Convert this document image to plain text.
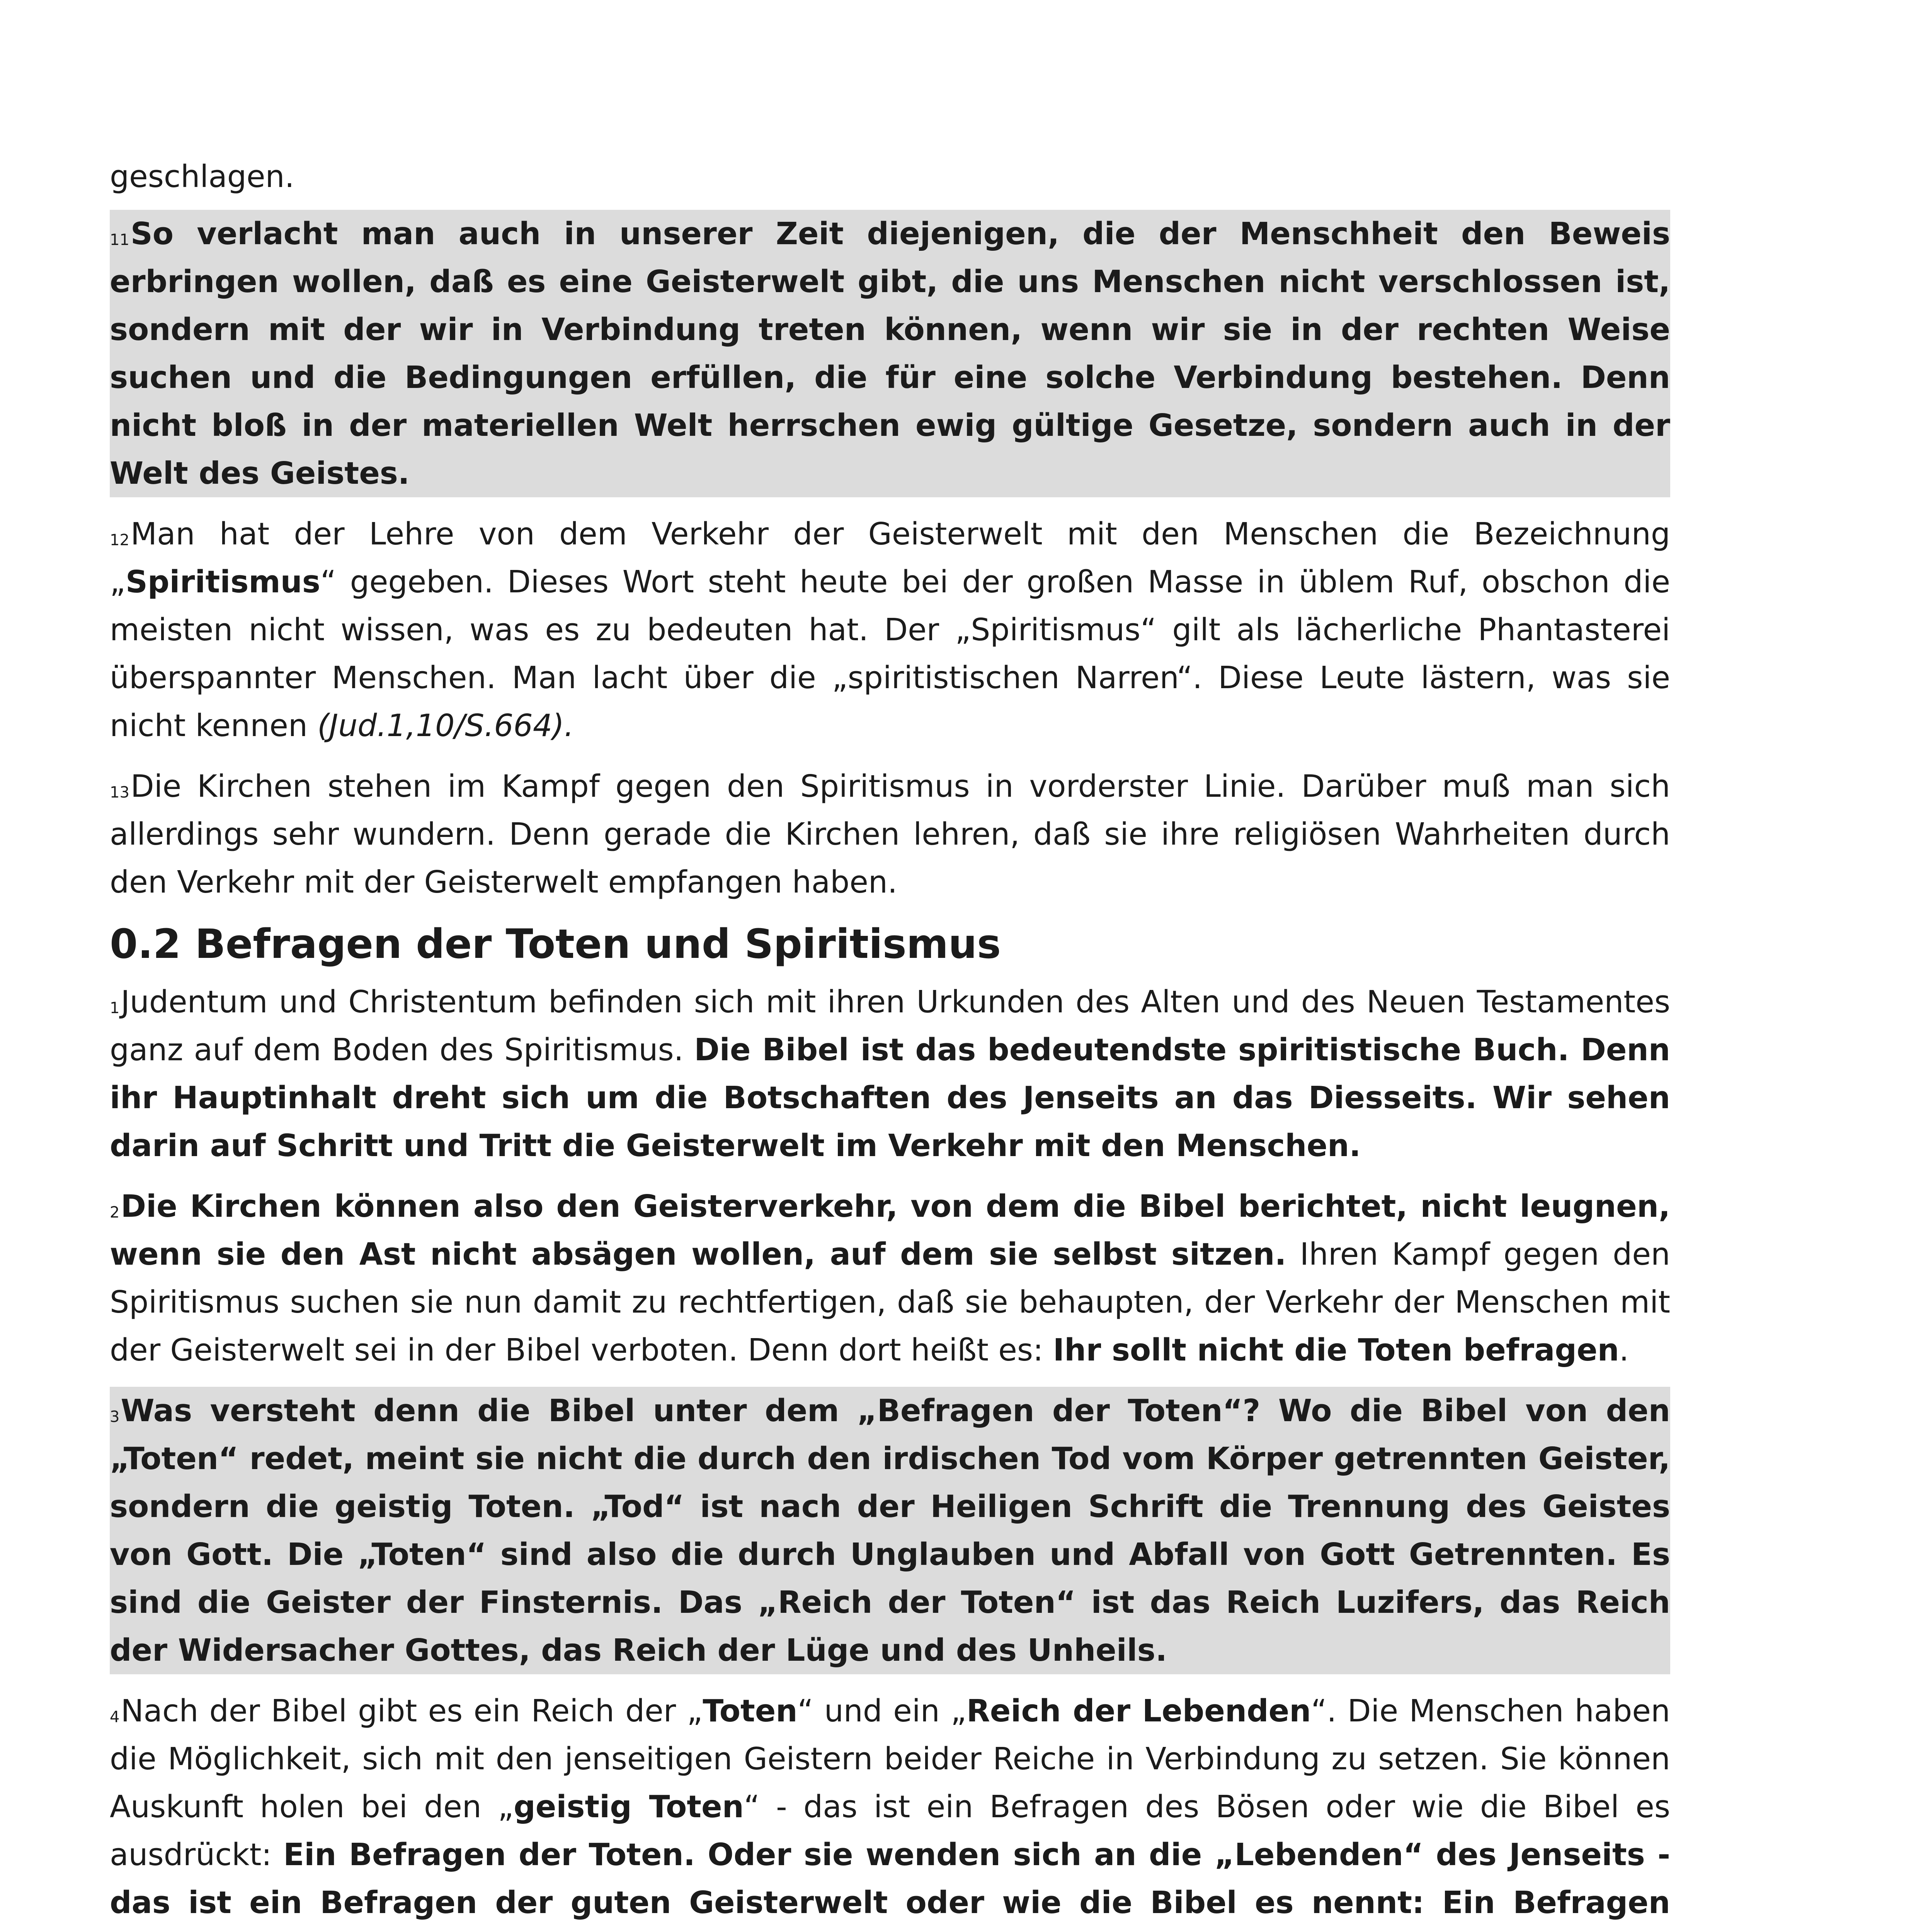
geschlagen.

$^{11}$So verlacht man auch in unserer Zeit diejenigen, die der Menschheit den Beweis erbringen wollen, daß es eine Geisterwelt gibt, die uns Menschen nicht verschlossen ist, sondern mit der wir in Verbindung treten können, wenn wir sie in der rechten Weise suchen und die Bedingungen erfüllen, die für eine solche Verbindung bestehen. Denn nicht bloß in der materiellen Welt herrschen ewig gültige Gesetze, sondern auch in der Welt des Geistes.

$^{12}$Man hat der Lehre von dem Verkehr der Geisterwelt mit den Menschen die Bezeichnung „Spiritismus“ gegeben. Dieses Wort steht heute bei der großen Masse in üblem Ruf, obschon die meisten nicht wissen, was es zu bedeuten hat. Der „Spiritismus“ gilt als lächerliche Phantasterei überspannter Menschen. Man lacht über die „spiritistischen Narren“. Diese Leute lästern, was sie nicht kennen (Jud.1,10/S.664).

$^{13}$Die Kirchen stehen im Kampf gegen den Spiritismus in vorderster Linie. Darüber muß man sich allerdings sehr wundern. Denn gerade die Kirchen lehren, daß sie ihre religiösen Wahrheiten durch den Verkehr mit der Geisterwelt empfangen haben.

0.2 Befragen der Toten und Spiritismus

$^1$Judentum und Christentum befinden sich mit ihren Urkunden des Alten und des Neuen Testamentes ganz auf dem Boden des Spiritismus. Die Bibel ist das bedeutendste spiritistische Buch. Denn ihr Hauptinhalt dreht sich um die Botschaften des Jenseits an das Diesseits. Wir sehen darin auf Schritt und Tritt die Geisterwelt im Verkehr mit den Menschen.

$^2$Die Kirchen können also den Geisterverkehr, von dem die Bibel berichtet, nicht leugnen, wenn sie den Ast nicht absägen wollen, auf dem sie selbst sitzen. Ihren Kampf gegen den Spiritismus suchen sie nun damit zu rechtfertigen, daß sie behaupten, der Verkehr der Menschen mit der Geisterwelt sei in der Bibel verboten. Denn dort heißt es: Ihr sollt nicht die Toten befragen.

$^3$Was versteht denn die Bibel unter dem „Befragen der Toten“? Wo die Bibel von den „Toten“ redet, meint sie nicht die durch den irdischen Tod vom Körper getrennten Geister, sondern die geistig Toten. „Tod“ ist nach der Heiligen Schrift die Trennung des Geistes von Gott. Die „Toten“ sind also die durch Unglauben und Abfall von Gott Getrennten. Es sind die Geister der Finsternis. Das „Reich der Toten“ ist das Reich Luzifers, das Reich der Widersacher Gottes, das Reich der Lüge und des Unheils.

$^4$Nach der Bibel gibt es ein Reich der „Toten“ und ein „Reich der Lebenden“. Die Menschen haben die Möglichkeit, sich mit den jenseitigen Geistern beider Reiche in Verbindung zu setzen. Sie können Auskunft holen bei den „geistig Toten“ - das ist ein Befragen des Bösen oder wie die Bibel es ausdrückt: Ein Befragen der Toten. Oder sie wenden sich an die „Lebenden“ des Jenseits - das ist ein Befragen der guten Geisterwelt oder wie die Bibel es nennt: Ein Befragen
